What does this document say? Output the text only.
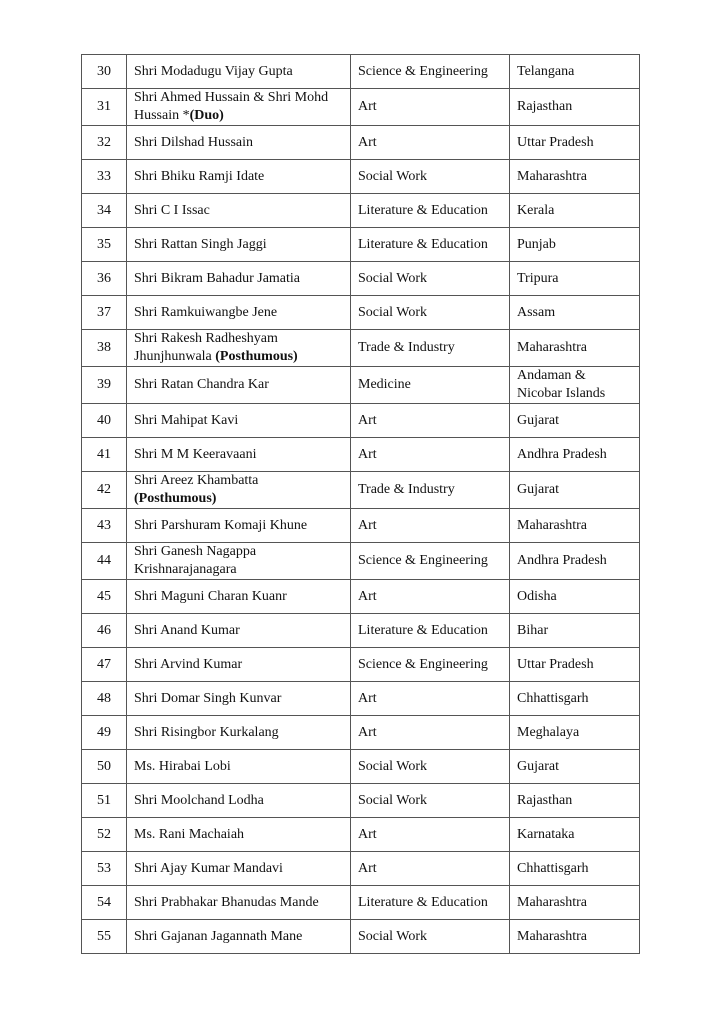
30	Shri Modadugu Vijay Gupta	Science & Engineering	Telangana
31	Shri Ahmed Hussain & Shri Mohd Hussain *(Duo)	Art	Rajasthan
32	Shri Dilshad Hussain	Art	Uttar Pradesh
33	Shri Bhiku Ramji Idate	Social Work	Maharashtra
34	Shri C I Issac	Literature & Education	Kerala
35	Shri Rattan Singh Jaggi	Literature & Education	Punjab
36	Shri Bikram Bahadur Jamatia	Social Work	Tripura
37	Shri Ramkuiwangbe Jene	Social Work	Assam
38	Shri Rakesh Radheshyam Jhunjhunwala (Posthumous)	Trade & Industry	Maharashtra
39	Shri Ratan Chandra Kar	Medicine	Andaman & Nicobar Islands
40	Shri Mahipat Kavi	Art	Gujarat
41	Shri M M Keeravaani	Art	Andhra Pradesh
42	Shri Areez Khambatta (Posthumous)	Trade & Industry	Gujarat
43	Shri Parshuram Komaji Khune	Art	Maharashtra
44	Shri Ganesh Nagappa Krishnarajanagara	Science & Engineering	Andhra Pradesh
45	Shri Maguni Charan Kuanr	Art	Odisha
46	Shri Anand Kumar	Literature & Education	Bihar
47	Shri Arvind Kumar	Science & Engineering	Uttar Pradesh
48	Shri Domar Singh Kunvar	Art	Chhattisgarh
49	Shri Risingbor Kurkalang	Art	Meghalaya
50	Ms. Hirabai Lobi	Social Work	Gujarat
51	Shri Moolchand Lodha	Social Work	Rajasthan
52	Ms. Rani Machaiah	Art	Karnataka
53	Shri Ajay Kumar Mandavi	Art	Chhattisgarh
54	Shri Prabhakar Bhanudas Mande	Literature & Education	Maharashtra
55	Shri Gajanan Jagannath Mane	Social Work	Maharashtra
